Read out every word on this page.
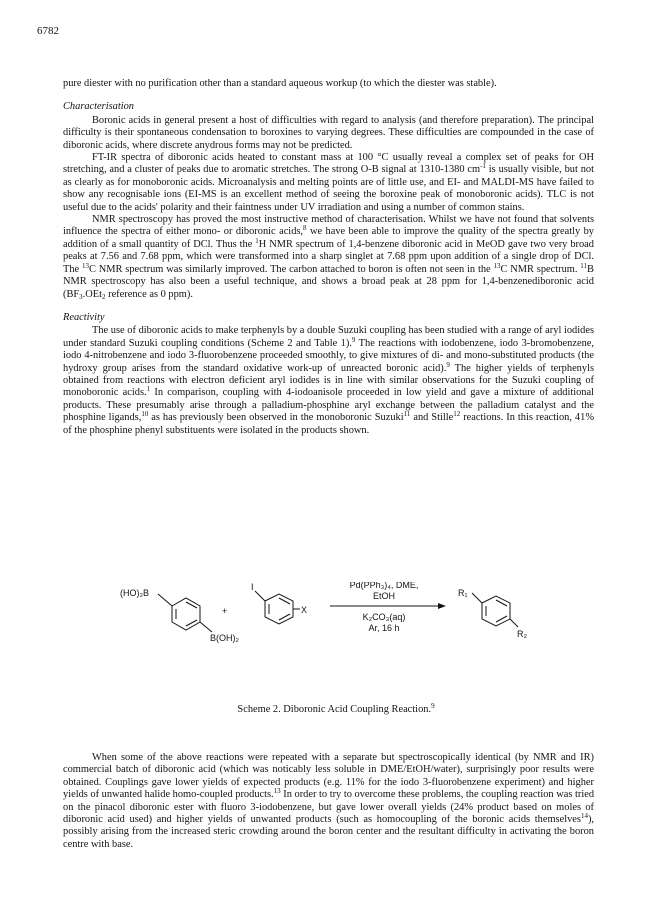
6782

pure diester with no purification other than a standard aqueous workup (to which the diester was stable).

Characterisation

Boronic acids in general present a host of difficulties with regard to analysis (and therefore preparation). The principal difficulty is their spontaneous condensation to boroxines to varying degrees. These difficulties are compounded in the case of diboronic acids, where discrete anydrous forms may not be predicted.

FT-IR spectra of diboronic acids heated to constant mass at 100 °C usually reveal a complex set of peaks for OH stretching, and a cluster of peaks due to aromatic stretches. The strong O-B signal at 1310-1380 $cm^{-1}$ is usually visible, but not as clearly as for monoboronic acids. Microanalysis and melting points are of little use, and EI- and MALDI-MS have failed to show any recognisable ions (EI-MS is an excellent method of seeing the boroxine peak of monoboronic acids). TLC is not useful due to the acids' polarity and their faintness under UV irradiation and using a number of common stains.

NMR spectroscopy has proved the most instructive method of characterisation. Whilst we have not found that solvents influence the spectra of either mono- or diboronic acids,$^8$ we have been able to improve the quality of the spectra greatly by addition of a small quantity of DCl. Thus the $^1$H NMR spectrum of 1,4-benzene diboronic acid in MeOD gave two very broad peaks at 7.56 and 7.68 ppm, which were transformed into a sharp singlet at 7.68 ppm upon addition of a single drop of DCl. The $^{13}$C NMR spectrum was similarly improved. The carbon attached to boron is often not seen in the $^{13}$C NMR spectrum. $^{11}$B NMR spectroscopy has also been a useful technique, and shows a broad peak at 28 ppm for 1,4-benzenediboronic acid ($BF_3.OEt_2$ reference as 0 ppm).

Reactivity

The use of diboronic acids to make terphenyls by a double Suzuki coupling has been studied with a range of aryl iodides under standard Suzuki coupling conditions (Scheme 2 and Table 1).$^9$ The reactions with iodobenzene, iodo 3-bromobenzene, iodo 4-nitrobenzene and iodo 3-fluorobenzene proceeded smoothly, to give mixtures of di- and mono-substituted products (the hydroxy group arises from the standard oxidative work-up of unreacted boronic acid).$^9$ The higher yields of terphenyls obtained from reactions with electron deficient aryl iodides is in line with similar observations for the Suzuki coupling of monoboronic acids.$^1$ In comparison, coupling with 4-iodoanisole proceeded in low yield and gave a mixture of additional products. These presumably arise through a palladium-phosphine aryl exchange between the palladium catalyst and the phosphine ligands,$^{10}$ as has previously been observed in the monoboronic Suzuki$^{11}$ and Stille$^{12}$ reactions. In this reaction, 41% of the phosphine phenyl substituents were isolated in the products shown.

(HO)₂B
B(OH)₂
+
I
X
Pd(PPh₃)₄, DME,
EtOH
K₂CO₃(aq)
Ar, 16 h
R₁
R₂
Scheme 2. Diboronic Acid Coupling Reaction.$^9$

When some of the above reactions were repeated with a separate but spectroscopically identical (by NMR and IR) commercial batch of diboronic acid (which was noticably less soluble in DME/EtOH/water), surprisingly poor results were obtained. Couplings gave lower yields of expected products (e.g. 11% for the iodo 3-fluorobenzene experiment) and higher yields of unwanted halide homo-coupled products.$^{13}$ In order to try to overcome these problems, the coupling reaction was tried on the pinacol diboronic ester with fluoro 3-iodobenzene, but gave lower overall yields (24% product based on moles of diboronic acid used) and higher yields of unwanted products (such as homocoupling of the boronic acids themselves$^{14}$), possibly arising from the increased steric crowding around the boron center and the resultant difficulty in activating the boron centre with base.
